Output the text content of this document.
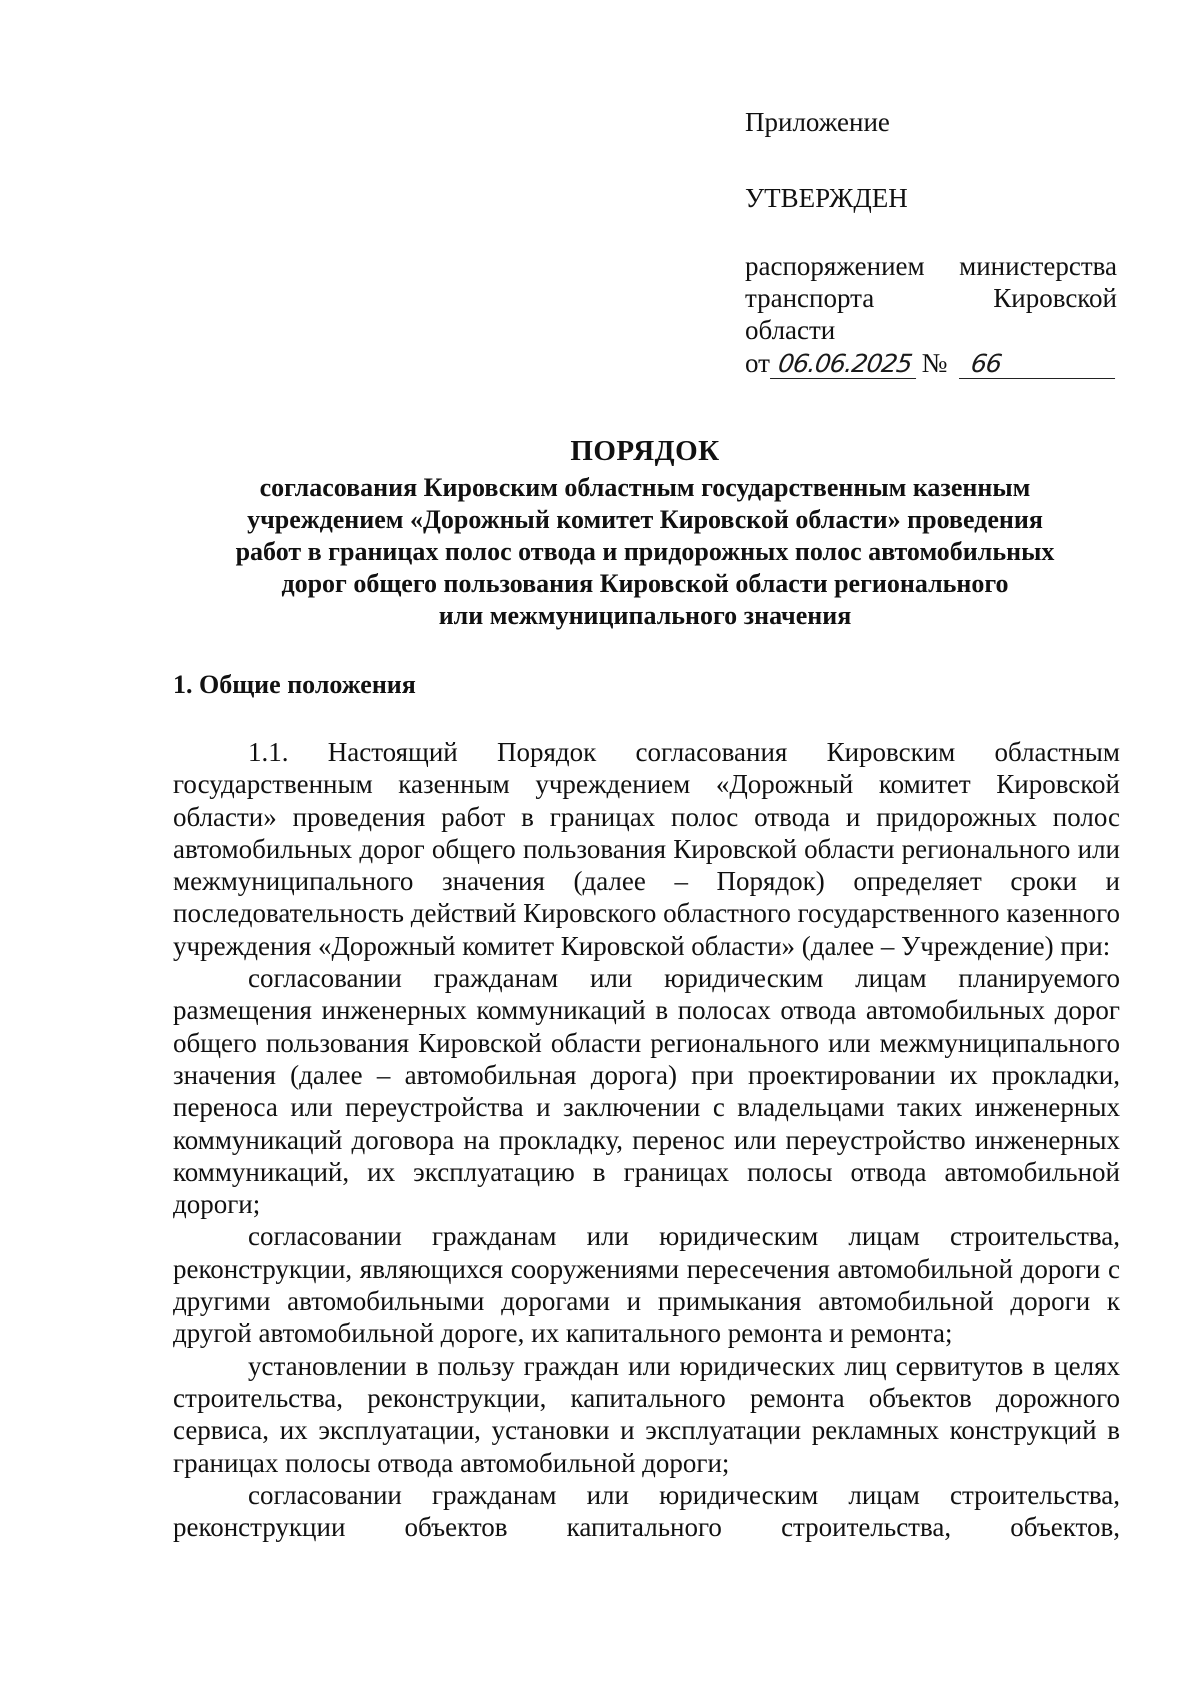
Приложение

УТВЕРЖДЕН

распоряжением министерства транспорта Кировской
области

от 06.06.2025 № 66
ПОРЯДОК
согласования Кировским областным государственным казенным
учреждением «Дорожный комитет Кировской области» проведения
работ в границах полос отвода и придорожных полос автомобильных
дорог общего пользования Кировской области регионального
или межмуниципального значения
1. Общие положения

1.1. Настоящий Порядок согласования Кировским областным государственным казенным учреждением «Дорожный комитет Кировской области» проведения работ в границах полос отвода и придорожных полос автомобильных дорог общего пользования Кировской области регионального или межмуниципального значения (далее – Порядок) определяет сроки и последовательность действий Кировского областного государственного казенного учреждения «Дорожный комитет Кировской области» (далее – Учреждение) при:

согласовании гражданам или юридическим лицам планируемого размещения инженерных коммуникаций в полосах отвода автомобильных дорог общего пользования Кировской области регионального или межмуниципального значения (далее – автомобильная дорога) при проектировании их прокладки, переноса или переустройства и заключении с владельцами таких инженерных коммуникаций договора на прокладку, перенос или переустройство инженерных коммуникаций, их эксплуатацию в границах полосы отвода автомобильной дороги;

согласовании гражданам или юридическим лицам строительства, реконструкции, являющихся сооружениями пересечения автомобильной дороги с другими автомобильными дорогами и примыкания автомобильной дороги к другой автомобильной дороге, их капитального ремонта и ремонта;

установлении в пользу граждан или юридических лиц сервитутов в целях строительства, реконструкции, капитального ремонта объектов дорожного сервиса, их эксплуатации, установки и эксплуатации рекламных конструкций в границах полосы отвода автомобильной дороги;

согласовании гражданам или юридическим лицам строительства, реконструкции объектов капитального строительства, объектов,
